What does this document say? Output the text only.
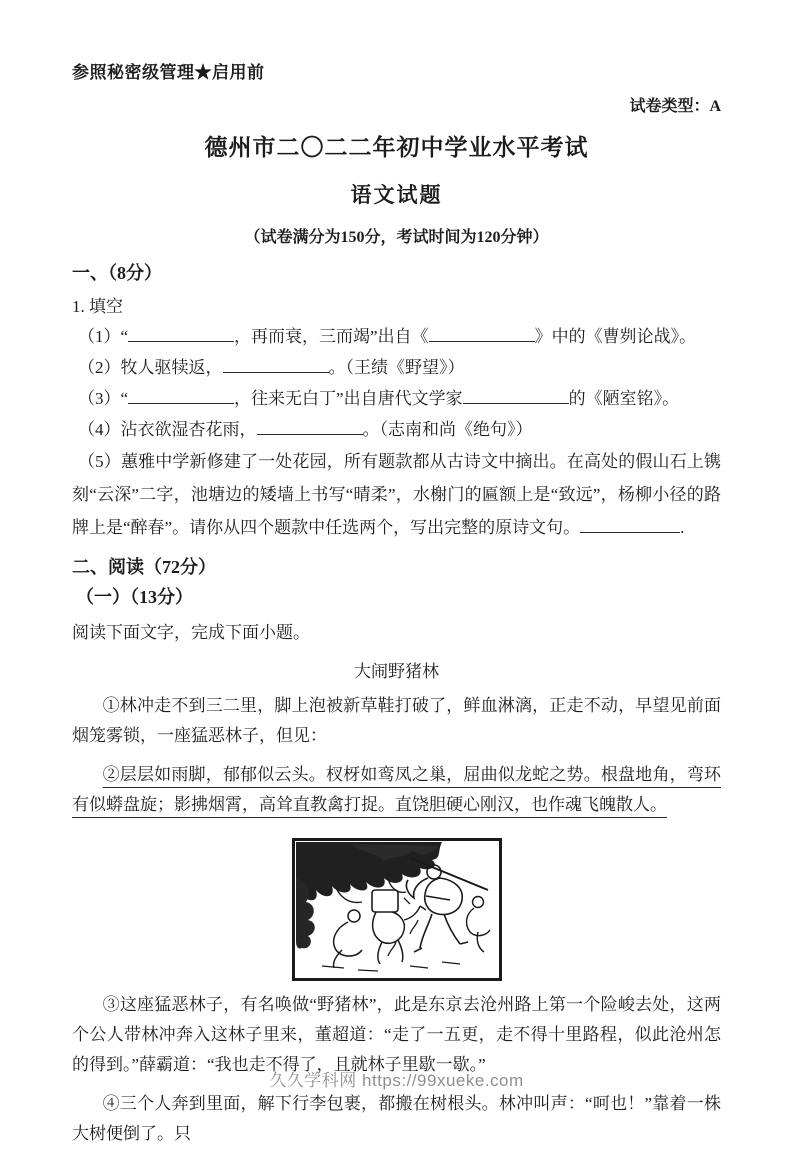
参照秘密级管理★启用前
试卷类型：A
德州市二〇二二年初中学业水平考试
语文试题
（试卷满分为150分，考试时间为120分钟）
一、（8分）
1. 填空
（1）“	，再而衰，三而竭”出自《	》中的《曹刿论战》。
（2）牧人驱犊返，	。（王绩《野望》）
（3）“	，往来无白丁”出自唐代文学家	的《陋室铭》。
（4）沾衣欲湿杏花雨，	。（志南和尚《绝句》）
（5）蕙雅中学新修建了一处花园，所有题款都从古诗文中摘出。在高处的假山石上镌刻“云深”二字，池塘边的矮墙上书写“晴柔”，水榭门的匾额上是“致远”，杨柳小径的路牌上是“醉春”。请你从四个题款中任选两个，写出完整的原诗文句。	.
二、阅读（72分）
（一）（13分）
阅读下面文字，完成下面小题。
大闹野猪林
①林冲走不到三二里，脚上泡被新草鞋打破了，鲜血淋漓，正走不动，早望见前面烟笼雾锁，一座猛恶林子，但见：
②层层如雨脚，郁郁似云头。杈枒如鸾凤之巢，屈曲似龙蛇之势。根盘地角，弯环有似蟒盘旋；影拂烟霄，高耸直教禽打捉。直饶胆硬心刚汉，也作魂飞魄散人。
③这座猛恶林子，有名唤做“野猪林”，此是东京去沧州路上第一个险峻去处，这两个公人带林冲奔入这林子里来，董超道：“走了一五更，走不得十里路程，似此沧州怎的得到。”薛霸道：“我也走不得了，且就林子里歇一歇。”
④三个人奔到里面，解下行李包裹，都搬在树根头。林冲叫声：“呵也！”靠着一株大树便倒了。只
久久学科网 https://99xueke.com
